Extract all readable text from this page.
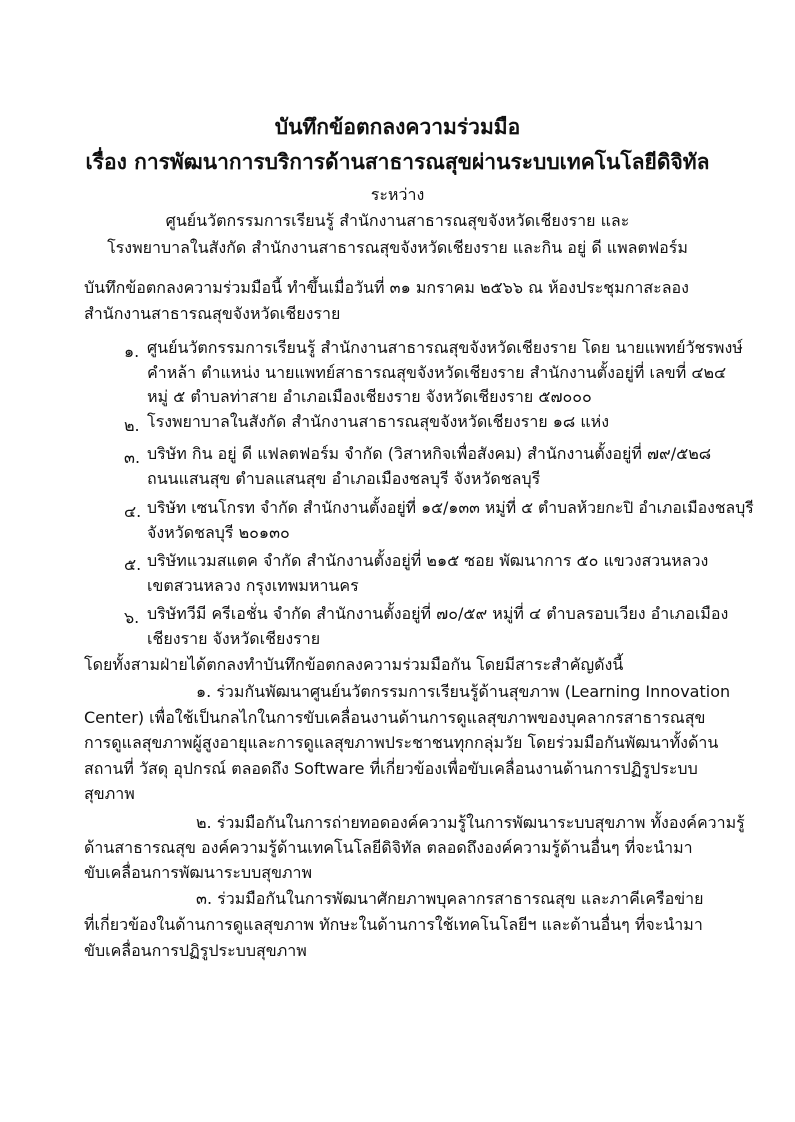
บันทึกข้อตกลงความร่วมมือ
เรื่อง การพัฒนาการบริการด้านสาธารณสุขผ่านระบบเทคโนโลยีดิจิทัล
ระหว่าง
ศูนย์นวัตกรรมการเรียนรู้ สำนักงานสาธารณสุขจังหวัดเชียงราย และ
โรงพยาบาลในสังกัด สำนักงานสาธารณสุขจังหวัดเชียงราย และกิน อยู่ ดี แพลตฟอร์ม
บันทึกข้อตกลงความร่วมมือนี้ ทำขึ้นเมื่อวันที่ ๓๑ มกราคม ๒๕๖๖ ณ ห้องประชุมกาสะลอง
สำนักงานสาธารณสุขจังหวัดเชียงราย
๑. ศูนย์นวัตกรรมการเรียนรู้ สำนักงานสาธารณสุขจังหวัดเชียงราย โดย นายแพทย์วัชรพงษ์
คำหล้า ตำแหน่ง นายแพทย์สาธารณสุขจังหวัดเชียงราย สำนักงานตั้งอยู่ที่ เลขที่ ๔๒๔
หมู่ ๕ ตำบลท่าสาย อำเภอเมืองเชียงราย จังหวัดเชียงราย ๕๗๐๐๐
๒. โรงพยาบาลในสังกัด สำนักงานสาธารณสุขจังหวัดเชียงราย ๑๘ แห่ง
๓. บริษัท กิน อยู่ ดี แฟลตฟอร์ม จำกัด (วิสาหกิจเพื่อสังคม) สำนักงานตั้งอยู่ที่ ๗๙/๕๒๘
ถนนแสนสุข ตำบลแสนสุข อำเภอเมืองชลบุรี จังหวัดชลบุรี
๔. บริษัท เซนโกรท จำกัด สำนักงานตั้งอยู่ที่ ๑๕/๑๓๓ หมู่ที่ ๕ ตำบลห้วยกะปิ อำเภอเมืองชลบุรี
จังหวัดชลบุรี ๒๐๑๓๐
๕. บริษัทแวมสแตค จำกัด สำนักงานตั้งอยู่ที่ ๒๑๕ ซอย พัฒนาการ ๕๐ แขวงสวนหลวง
เขตสวนหลวง กรุงเทพมหานคร
๖. บริษัทวีมี ครีเอชั่น จำกัด สำนักงานตั้งอยู่ที่ ๗๐/๕๙ หมู่ที่ ๔ ตำบลรอบเวียง อำเภอเมือง
เชียงราย จังหวัดเชียงราย
โดยทั้งสามฝ่ายได้ตกลงทำบันทึกข้อตกลงความร่วมมือกัน โดยมีสาระสำคัญดังนี้
๑. ร่วมกันพัฒนาศูนย์นวัตกรรมการเรียนรู้ด้านสุขภาพ (Learning Innovation
Center) เพื่อใช้เป็นกลไกในการขับเคลื่อนงานด้านการดูแลสุขภาพของบุคลากรสาธารณสุข
การดูแลสุขภาพผู้สูงอายุและการดูแลสุขภาพประชาชนทุกกลุ่มวัย โดยร่วมมือกันพัฒนาทั้งด้าน
สถานที่ วัสดุ อุปกรณ์ ตลอดถึง Software ที่เกี่ยวข้องเพื่อขับเคลื่อนงานด้านการปฏิรูประบบ
สุขภาพ
๒. ร่วมมือกันในการถ่ายทอดองค์ความรู้ในการพัฒนาระบบสุขภาพ ทั้งองค์ความรู้
ด้านสาธารณสุข องค์ความรู้ด้านเทคโนโลยีดิจิทัล ตลอดถึงองค์ความรู้ด้านอื่นๆ ที่จะนำมา
ขับเคลื่อนการพัฒนาระบบสุขภาพ
๓. ร่วมมือกันในการพัฒนาศักยภาพบุคลากรสาธารณสุข และภาคีเครือข่าย
ที่เกี่ยวข้องในด้านการดูแลสุขภาพ ทักษะในด้านการใช้เทคโนโลยีฯ และด้านอื่นๆ ที่จะนำมา
ขับเคลื่อนการปฏิรูประบบสุขภาพ
